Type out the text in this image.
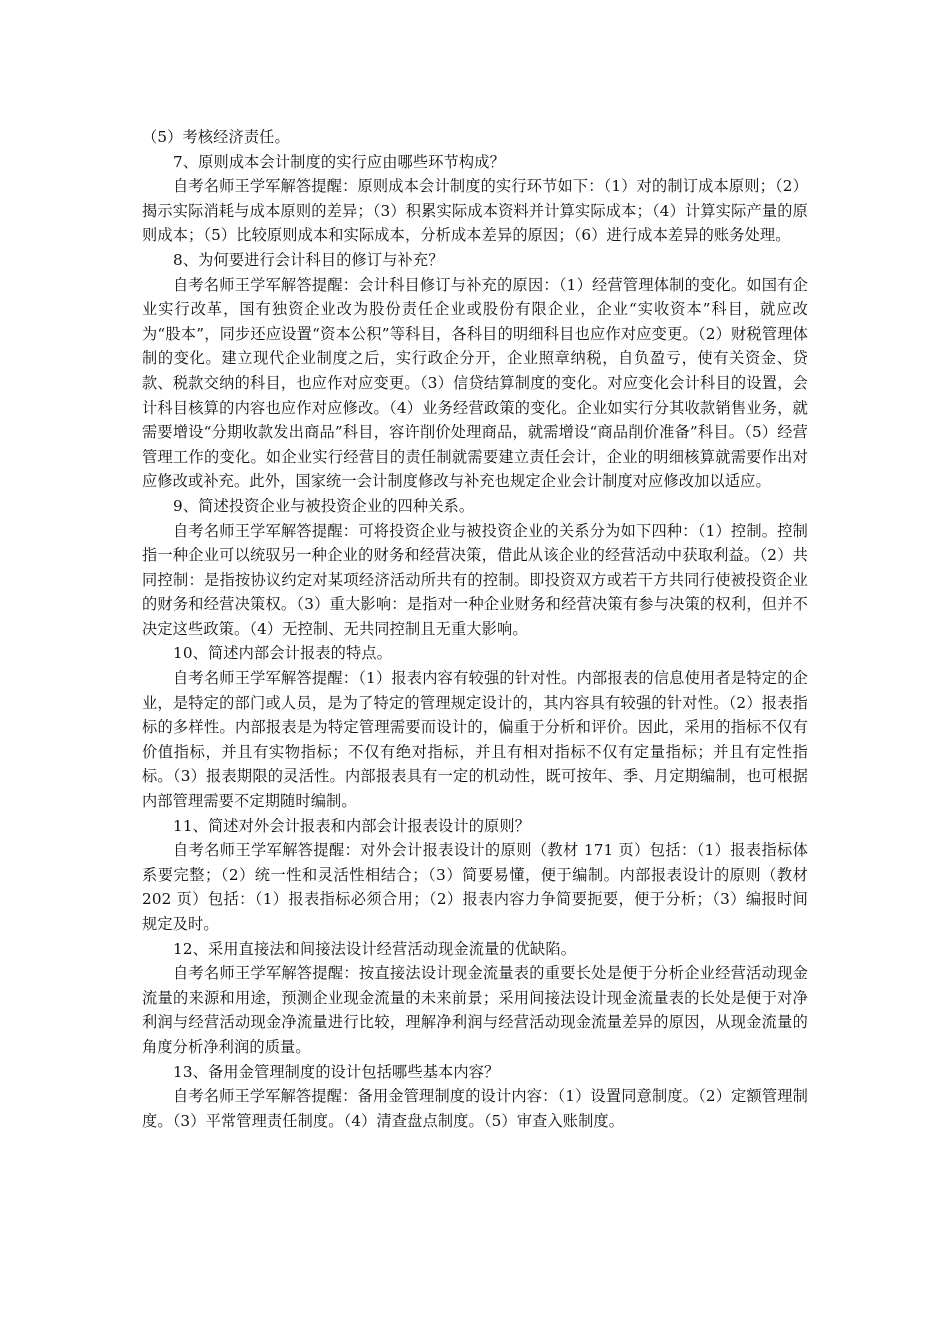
（5）考核经济责任。

7、原则成本会计制度的实行应由哪些环节构成？

自考名师王学军解答提醒：原则成本会计制度的实行环节如下：（1）对的制订成本原则；（2）揭示实际消耗与成本原则的差异；（3）积累实际成本资料并计算实际成本；（4）计算实际产量的原则成本；（5）比较原则成本和实际成本，分析成本差异的原因；（6）进行成本差异的账务处理。

8、为何要进行会计科目的修订与补充？

自考名师王学军解答提醒：会计科目修订与补充的原因：（1）经营管理体制的变化。如国有企业实行改革，国有独资企业改为股份责任企业或股份有限企业，企业“实收资本”科目，就应改为“股本”，同步还应设置“资本公积”等科目，各科目的明细科目也应作对应变更。（2）财税管理体制的变化。建立现代企业制度之后，实行政企分开，企业照章纳税，自负盈亏，使有关资金、贷款、税款交纳的科目，也应作对应变更。（3）信贷结算制度的变化。对应变化会计科目的设置，会计科目核算的内容也应作对应修改。（4）业务经营政策的变化。企业如实行分其收款销售业务，就需要增设“分期收款发出商品”科目，容许削价处理商品，就需增设“商品削价准备”科目。（5）经营管理工作的变化。如企业实行经营目的责任制就需要建立责任会计，企业的明细核算就需要作出对应修改或补充。此外，国家统一会计制度修改与补充也规定企业会计制度对应修改加以适应。

9、简述投资企业与被投资企业的四种关系。

自考名师王学军解答提醒：可将投资企业与被投资企业的关系分为如下四种：（1）控制。控制指一种企业可以统驭另一种企业的财务和经营决策，借此从该企业的经营活动中获取利益。（2）共同控制：是指按协议约定对某项经济活动所共有的控制。即投资双方或若干方共同行使被投资企业的财务和经营决策权。（3）重大影响：是指对一种企业财务和经营决策有参与决策的权利，但并不决定这些政策。（4）无控制、无共同控制且无重大影响。

10、简述内部会计报表的特点。

自考名师王学军解答提醒：（1）报表内容有较强的针对性。内部报表的信息使用者是特定的企业，是特定的部门或人员，是为了特定的管理规定设计的，其内容具有较强的针对性。（2）报表指标的多样性。内部报表是为特定管理需要而设计的，偏重于分析和评价。因此，采用的指标不仅有价值指标，并且有实物指标；不仅有绝对指标，并且有相对指标不仅有定量指标；并且有定性指标。（3）报表期限的灵活性。内部报表具有一定的机动性，既可按年、季、月定期编制，也可根据内部管理需要不定期随时编制。

11、简述对外会计报表和内部会计报表设计的原则？

自考名师王学军解答提醒：对外会计报表设计的原则（教材 171 页）包括：（1）报表指标体系要完整；（2）统一性和灵活性相结合；（3）简要易懂，便于编制。内部报表设计的原则（教材 202 页）包括：（1）报表指标必须合用；（2）报表内容力争简要扼要，便于分析；（3）编报时间规定及时。

12、采用直接法和间接法设计经营活动现金流量的优缺陷。

自考名师王学军解答提醒：按直接法设计现金流量表的重要长处是便于分析企业经营活动现金流量的来源和用途，预测企业现金流量的未来前景；采用间接法设计现金流量表的长处是便于对净利润与经营活动现金净流量进行比较，理解净利润与经营活动现金流量差异的原因，从现金流量的角度分析净利润的质量。

13、备用金管理制度的设计包括哪些基本内容？

自考名师王学军解答提醒：备用金管理制度的设计内容：（1）设置同意制度。（2）定额管理制度。（3）平常管理责任制度。（4）清查盘点制度。（5）审查入账制度。
